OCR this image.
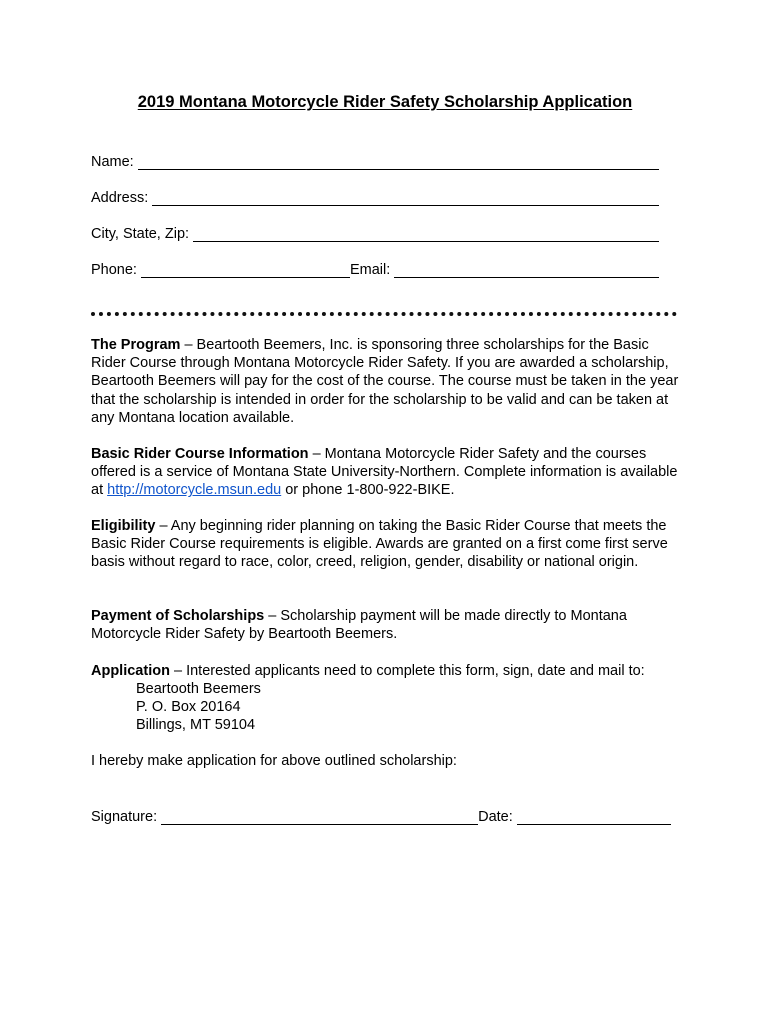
2019 Montana Motorcycle Rider Safety Scholarship Application
Name:
Address:
City, State, Zip:
Phone:	Email:
The Program – Beartooth Beemers, Inc. is sponsoring three scholarships for the Basic Rider Course through Montana Motorcycle Rider Safety. If you are awarded a scholarship, Beartooth Beemers will pay for the cost of the course. The course must be taken in the year that the scholarship is intended in order for the scholarship to be valid and can be taken at any Montana location available.
Basic Rider Course Information – Montana Motorcycle Rider Safety and the courses offered is a service of Montana State University-Northern. Complete information is available at http://motorcycle.msun.edu or phone 1-800-922-BIKE.
Eligibility – Any beginning rider planning on taking the Basic Rider Course that meets the Basic Rider Course requirements is eligible. Awards are granted on a first come first serve basis without regard to race, color, creed, religion, gender, disability or national origin.
Payment of Scholarships – Scholarship payment will be made directly to Montana Motorcycle Rider Safety by Beartooth Beemers.
Application – Interested applicants need to complete this form, sign, date and mail to:
Beartooth Beemers
P. O. Box 20164
Billings, MT 59104
I hereby make application for above outlined scholarship:
Signature:	Date:
